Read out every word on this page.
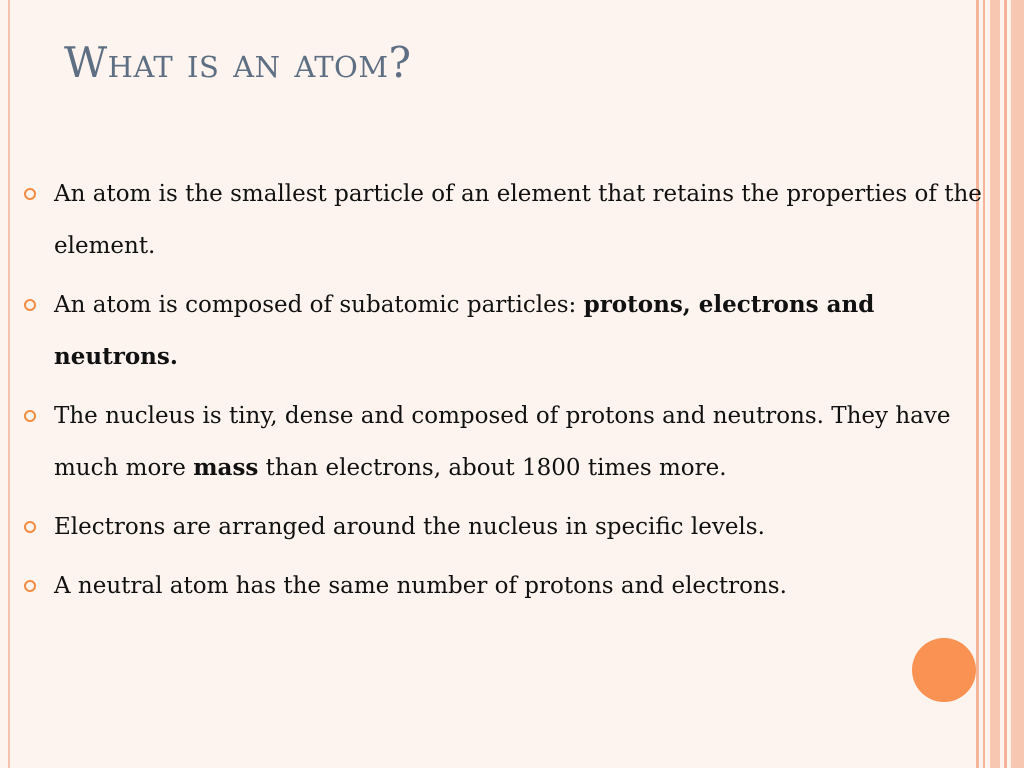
What is an atom?
An atom is the smallest particle of an element that retains the properties of the element.
An atom is composed of subatomic particles: protons, electrons and neutrons.
The nucleus is tiny, dense and composed of protons and neutrons. They have much more mass than electrons, about 1800 times more.
Electrons are arranged around the nucleus in specific levels.
A neutral atom has the same number of protons and electrons.
